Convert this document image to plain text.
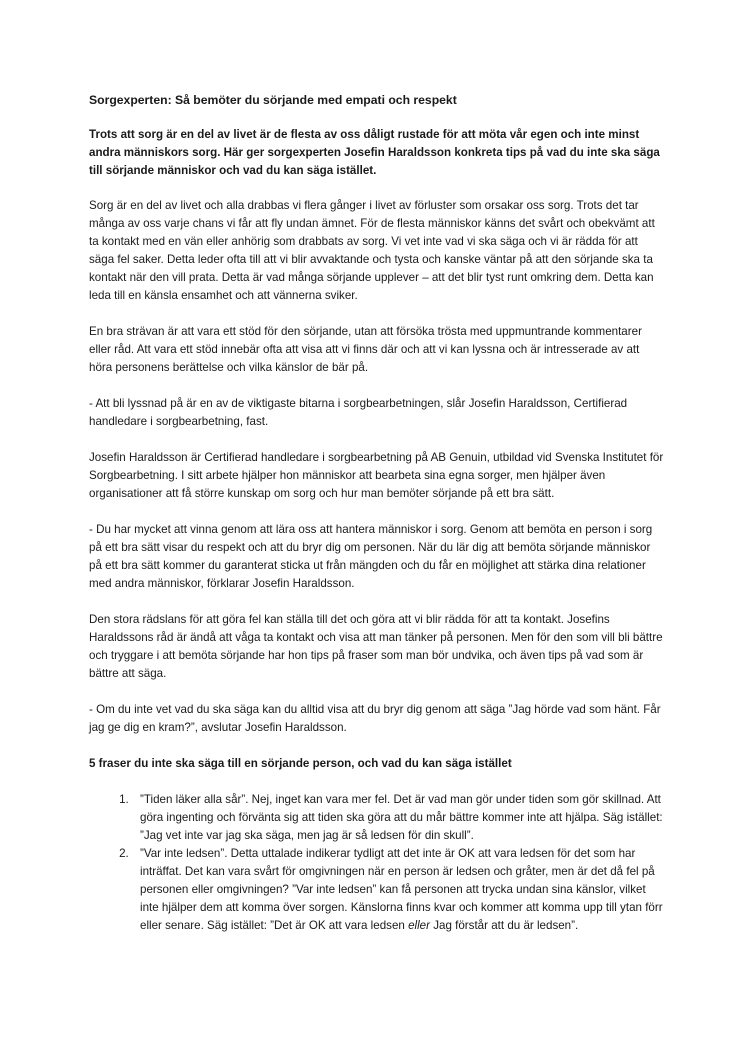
Sorgexperten: Så bemöter du sörjande med empati och respekt
Trots att sorg är en del av livet är de flesta av oss dåligt rustade för att möta vår egen och inte minst andra människors sorg. Här ger sorgexperten Josefin Haraldsson konkreta tips på vad du inte ska säga till sörjande människor och vad du kan säga istället.

Sorg är en del av livet och alla drabbas vi flera gånger i livet av förluster som orsakar oss sorg. Trots det tar många av oss varje chans vi får att fly undan ämnet. För de flesta människor känns det svårt och obekvämt att ta kontakt med en vän eller anhörig som drabbats av sorg. Vi vet inte vad vi ska säga och vi är rädda för att säga fel saker. Detta leder ofta till att vi blir avvaktande och tysta och kanske väntar på att den sörjande ska ta kontakt när den vill prata. Detta är vad många sörjande upplever – att det blir tyst runt omkring dem. Detta kan leda till en känsla ensamhet och att vännerna sviker.

En bra strävan är att vara ett stöd för den sörjande, utan att försöka trösta med uppmuntrande kommentarer eller råd. Att vara ett stöd innebär ofta att visa att vi finns där och att vi kan lyssna och är intresserade av att höra personens berättelse och vilka känslor de bär på.

- Att bli lyssnad på är en av de viktigaste bitarna i sorgbearbetningen, slår Josefin Haraldsson, Certifierad handledare i sorgbearbetning, fast.

Josefin Haraldsson är Certifierad handledare i sorgbearbetning på AB Genuin, utbildad vid Svenska Institutet för Sorgbearbetning. I sitt arbete hjälper hon människor att bearbeta sina egna sorger, men hjälper även organisationer att få större kunskap om sorg och hur man bemöter sörjande på ett bra sätt.

- Du har mycket att vinna genom att lära oss att hantera människor i sorg. Genom att bemöta en person i sorg på ett bra sätt visar du respekt och att du bryr dig om personen. När du lär dig att bemöta sörjande människor på ett bra sätt kommer du garanterat sticka ut från mängden och du får en möjlighet att stärka dina relationer med andra människor, förklarar Josefin Haraldsson.

Den stora rädslans för att göra fel kan ställa till det och göra att vi blir rädda för att ta kontakt. Josefins Haraldssons råd är ändå att våga ta kontakt och visa att man tänker på personen. Men för den som vill bli bättre och tryggare i att bemöta sörjande har hon tips på fraser som man bör undvika, och även tips på vad som är bättre att säga.

- Om du inte vet vad du ska säga kan du alltid visa att du bryr dig genom att säga ”Jag hörde vad som hänt. Får jag ge dig en kram?”, avslutar Josefin Haraldsson.

5 fraser du inte ska säga till en sörjande person, och vad du kan säga istället
1. ”Tiden läker alla sår”. Nej, inget kan vara mer fel. Det är vad man gör under tiden som gör skillnad. Att göra ingenting och förvänta sig att tiden ska göra att du mår bättre kommer inte att hjälpa. Säg istället: ”Jag vet inte var jag ska säga, men jag är så ledsen för din skull”.
2. ”Var inte ledsen”. Detta uttalade indikerar tydligt att det inte är OK att vara ledsen för det som har inträffat. Det kan vara svårt för omgivningen när en person är ledsen och gråter, men är det då fel på personen eller omgivningen? ”Var inte ledsen” kan få personen att trycka undan sina känslor, vilket inte hjälper dem att komma över sorgen. Känslorna finns kvar och kommer att komma upp till ytan förr eller senare. Säg istället: ”Det är OK att vara ledsen eller Jag förstår att du är ledsen”.
